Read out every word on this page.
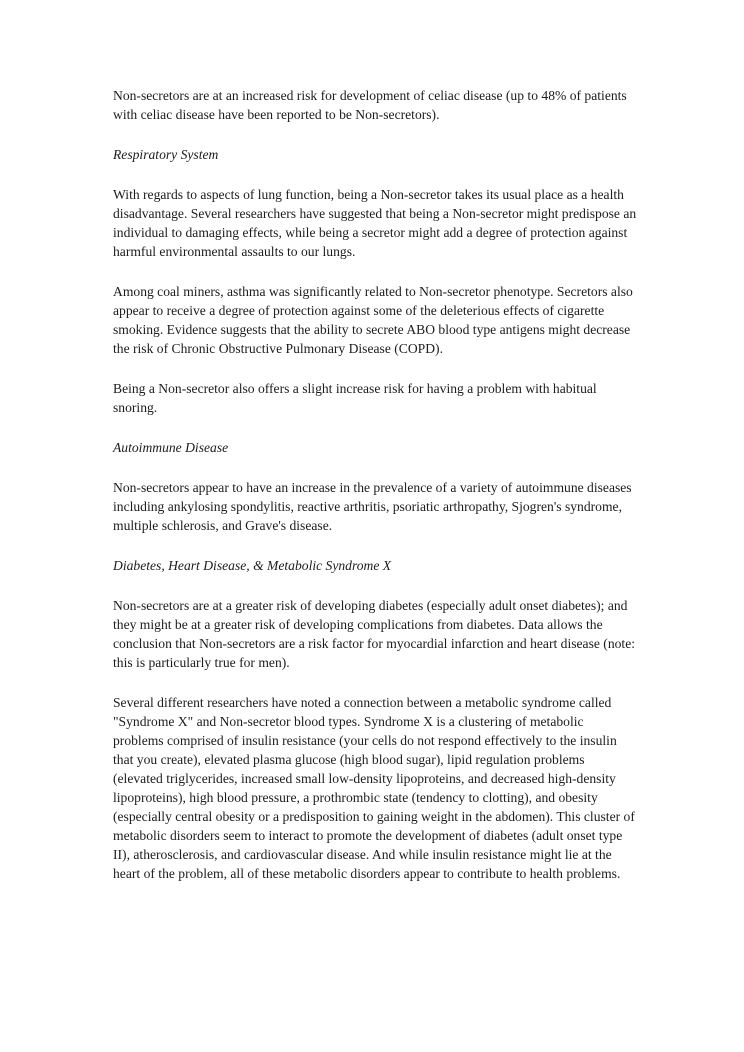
Non-secretors are at an increased risk for development of celiac disease (up to 48% of patients with celiac disease have been reported to be Non-secretors).

Respiratory System

With regards to aspects of lung function, being a Non-secretor takes its usual place as a health disadvantage. Several researchers have suggested that being a Non-secretor might predispose an individual to damaging effects, while being a secretor might add a degree of protection against harmful environmental assaults to our lungs.

Among coal miners, asthma was significantly related to Non-secretor phenotype. Secretors also appear to receive a degree of protection against some of the deleterious effects of cigarette smoking. Evidence suggests that the ability to secrete ABO blood type antigens might decrease the risk of Chronic Obstructive Pulmonary Disease (COPD).

Being a Non-secretor also offers a slight increase risk for having a problem with habitual snoring.

Autoimmune Disease

Non-secretors appear to have an increase in the prevalence of a variety of autoimmune diseases including ankylosing spondylitis, reactive arthritis, psoriatic arthropathy, Sjogren's syndrome, multiple schlerosis, and Grave's disease.

Diabetes, Heart Disease, & Metabolic Syndrome X

Non-secretors are at a greater risk of developing diabetes (especially adult onset diabetes); and they might be at a greater risk of developing complications from diabetes. Data allows the conclusion that Non-secretors are a risk factor for myocardial infarction and heart disease (note: this is particularly true for men).

Several different researchers have noted a connection between a metabolic syndrome called "Syndrome X" and Non-secretor blood types. Syndrome X is a clustering of metabolic problems comprised of insulin resistance (your cells do not respond effectively to the insulin that you create), elevated plasma glucose (high blood sugar), lipid regulation problems (elevated triglycerides, increased small low-density lipoproteins, and decreased high-density lipoproteins), high blood pressure, a prothrombic state (tendency to clotting), and obesity (especially central obesity or a predisposition to gaining weight in the abdomen). This cluster of metabolic disorders seem to interact to promote the development of diabetes (adult onset type II), atherosclerosis, and cardiovascular disease. And while insulin resistance might lie at the heart of the problem, all of these metabolic disorders appear to contribute to health problems.
